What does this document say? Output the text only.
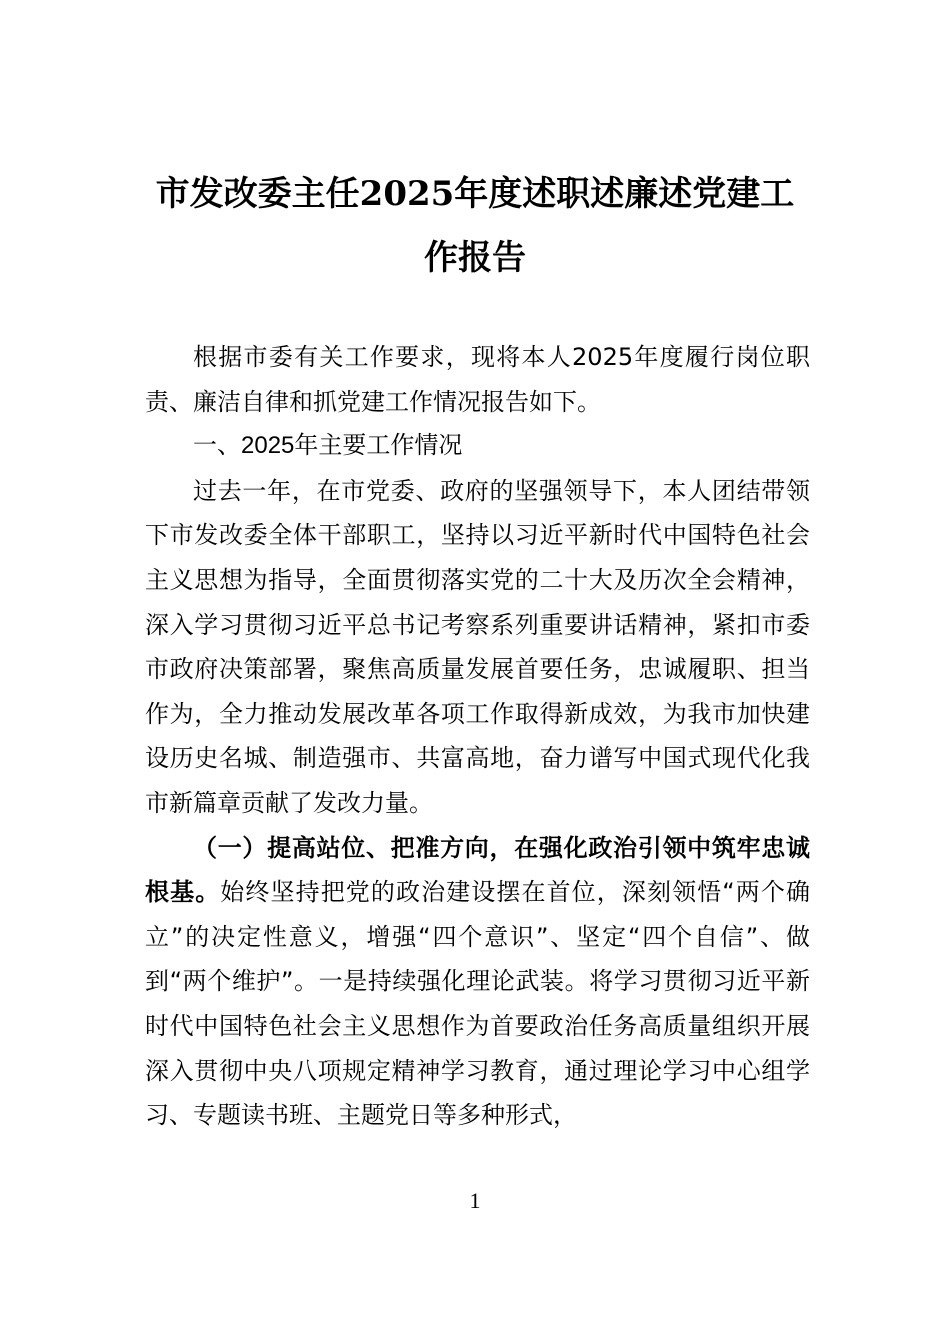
市发改委主任2025年度述职述廉述党建工作报告

根据市委有关工作要求，现将本人2025年度履行岗位职责、廉洁自律和抓党建工作情况报告如下。

一、2025年主要工作情况

过去一年，在市党委、政府的坚强领导下，本人团结带领下市发改委全体干部职工，坚持以习近平新时代中国特色社会主义思想为指导，全面贯彻落实党的二十大及历次全会精神，深入学习贯彻习近平总书记考察系列重要讲话精神，紧扣市委市政府决策部署，聚焦高质量发展首要任务，忠诚履职、担当作为，全力推动发展改革各项工作取得新成效，为我市加快建设历史名城、制造强市、共富高地，奋力谱写中国式现代化我市新篇章贡献了发改力量。

（一）提高站位、把准方向，在强化政治引领中筑牢忠诚根基。始终坚持把党的政治建设摆在首位，深刻领悟“两个确立”的决定性意义，增强“四个意识”、坚定“四个自信”、做到“两个维护”。一是持续强化理论武装。将学习贯彻习近平新时代中国特色社会主义思想作为首要政治任务高质量组织开展深入贯彻中央八项规定精神学习教育，通过理论学习中心组学习、专题读书班、主题党日等多种形式，

1
